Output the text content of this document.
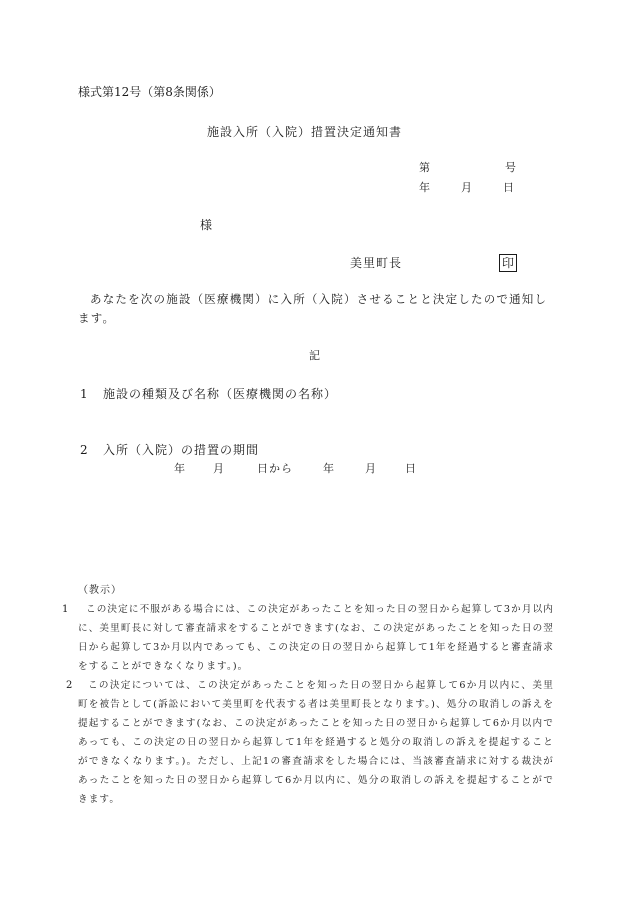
様式第12号（第8条関係）
施設入所（入院）措置決定通知書
第	号
年	月	日
様
美里町長	印
あなたを次の施設（医療機関）に入所（入院）させることと決定したので通知します。
記
1 施設の種類及び名称（医療機関の名称）
2 入所（入院）の措置の期間
年	月	日から	年	月	日
（教示）
1	この決定に不服がある場合には、この決定があったことを知った日の翌日から起算して3か月以内に、美里町長に対して審査請求をすることができます(なお、この決定があったことを知った日の翌日から起算して3か月以内であっても、この決定の日の翌日から起算して1年を経過すると審査請求をすることができなくなります。)。
2	この決定については、この決定があったことを知った日の翌日から起算して6か月以内に、美里町を被告として(訴訟において美里町を代表する者は美里町長となります。)、処分の取消しの訴えを提起することができます(なお、この決定があったことを知った日の翌日から起算して6か月以内であっても、この決定の日の翌日から起算して1年を経過すると処分の取消しの訴えを提起することができなくなります。)。ただし、上記1の審査請求をした場合には、当該審査請求に対する裁決があったことを知った日の翌日から起算して6か月以内に、処分の取消しの訴えを提起することができます。
